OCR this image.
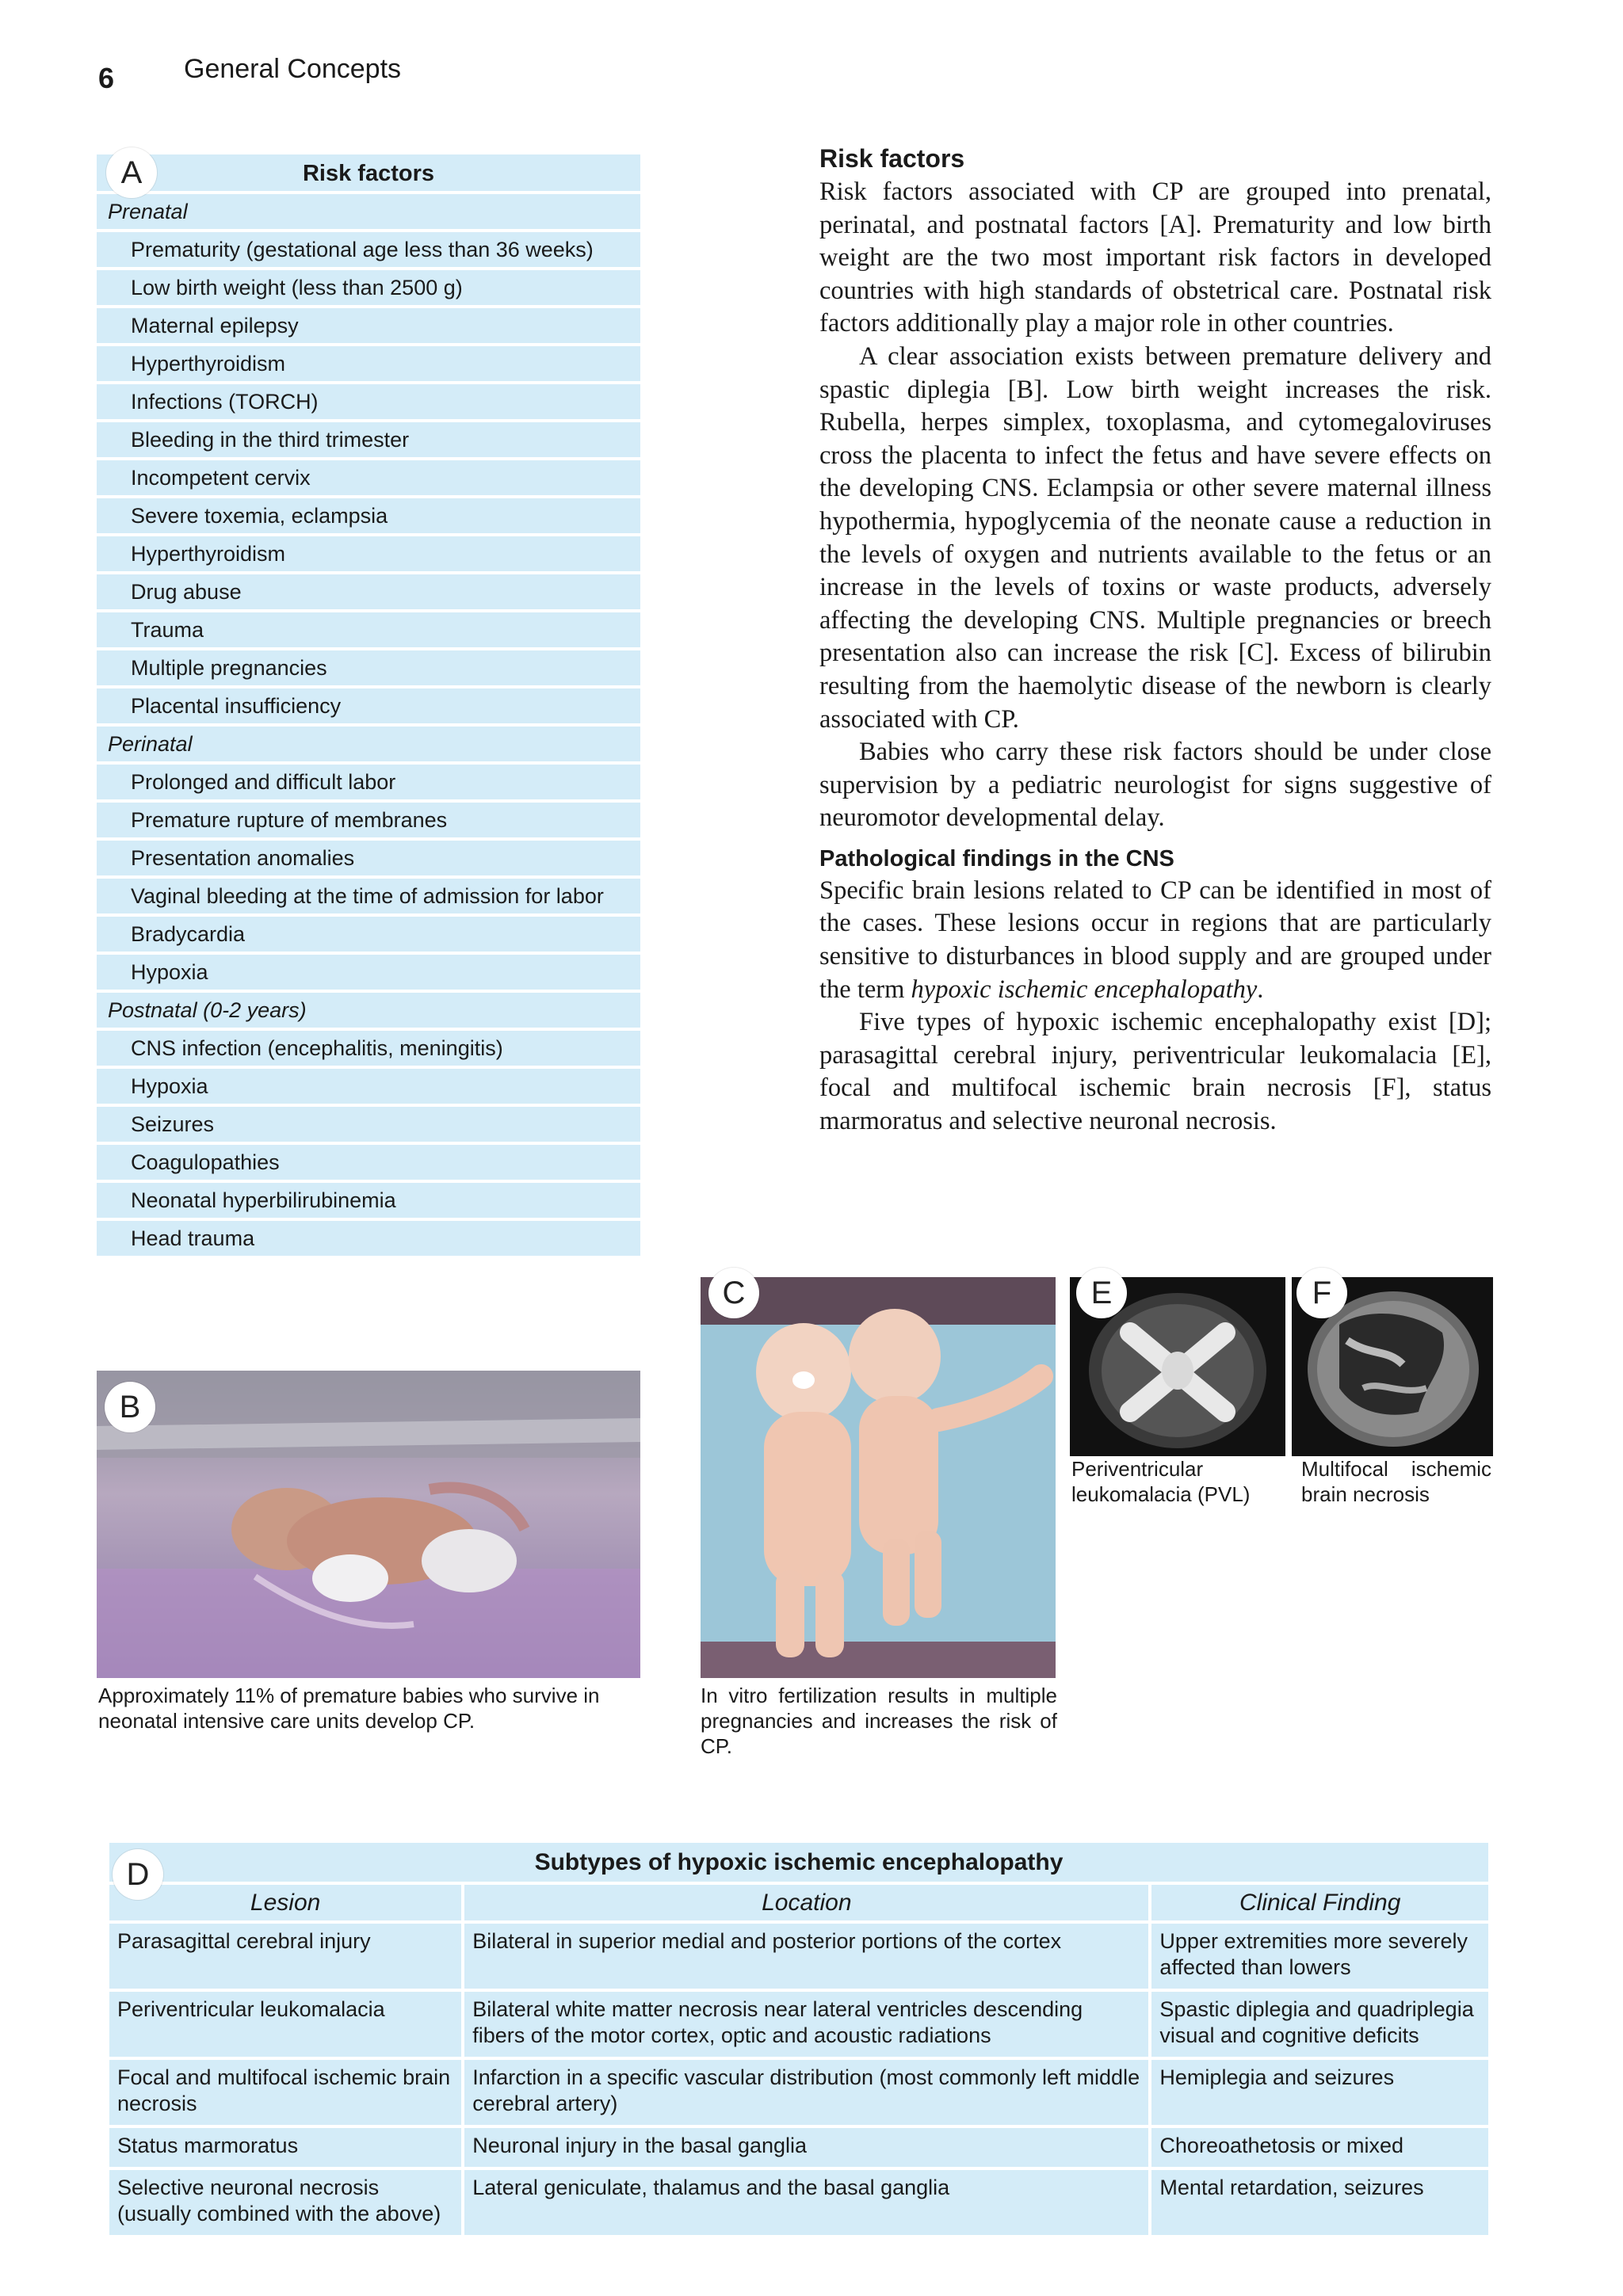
6	General Concepts
Risk factors
Prenatal
Prematurity (gestational age less than 36 weeks)
Low birth weight (less than 2500 g)
Maternal epilepsy
Hyperthyroidism
Infections (TORCH)
Bleeding in the third trimester
Incompetent cervix
Severe toxemia, eclampsia
Hyperthyroidism
Drug abuse
Trauma
Multiple pregnancies
Placental insufficiency
Perinatal
Prolonged and difficult labor
Premature rupture of membranes
Presentation anomalies
Vaginal bleeding at the time of admission for labor
Bradycardia
Hypoxia
Postnatal (0-2 years)
CNS infection (encephalitis, meningitis)
Hypoxia
Seizures
Coagulopathies
Neonatal hyperbilirubinemia
Head trauma
A	Risk factors

Risk factors associated with CP are grouped into prenatal, perinatal, and postnatal factors [A]. Prematurity and low birth weight are the two most important risk factors in developed countries with high standards of obstetrical care. Postnatal risk factors additionally play a major role in other countries.

A clear association exists between premature delivery and spastic diplegia [B]. Low birth weight increases the risk. Rubella, herpes simplex, toxoplasma, and cytomegaloviruses cross the placenta to infect the fetus and have severe effects on the developing CNS. Eclampsia or other severe maternal illness hypothermia, hypoglycemia of the neonate cause a reduction in the levels of oxygen and nutrients available to the fetus or an increase in the levels of toxins or waste products, adversely affecting the developing CNS. Multiple pregnancies or breech presentation also can increase the risk [C]. Excess of bilirubin resulting from the haemolytic disease of the newborn is clearly associated with CP.

Babies who carry these risk factors should be under close supervision by a pediatric neurologist for signs suggestive of neuromotor developmental delay.

Pathological findings in the CNS

Specific brain lesions related to CP can be identified in most of the cases. These lesions occur in regions that are particularly sensitive to disturbances in blood supply and are grouped under the term hypoxic ischemic encephalopathy.

Five types of hypoxic ischemic encephalopathy exist [D]; parasagittal cerebral injury, periventricular leukomalacia [E], focal and multifocal ischemic brain necrosis [F], status marmoratus and selective neuronal necrosis.

B
Approximately 11% of premature babies who survive in neonatal intensive care units develop CP.
C
In vitro fertilization results in multiple pregnancies and increases the risk of CP.
E
Periventricular leukomalacia (PVL)
F
Multifocal ischemic brain necrosis
Subtypes of hypoxic ischemic encephalopathy		
Lesion	Location	Clinical Finding
Parasagittal cerebral injury	Bilateral in superior medial and posterior portions of the cortex	Upper extremities more severely affected than lowers
Periventricular leukomalacia	Bilateral white matter necrosis near lateral ventricles descending fibers of the motor cortex, optic and acoustic radiations	Spastic diplegia and quadriplegia visual and cognitive deficits
Focal and multifocal ischemic brain necrosis	Infarction in a specific vascular distribution (most commonly left middle cerebral artery)	Hemiplegia and seizures
Status marmoratus	Neuronal injury in the basal ganglia	Choreoathetosis or mixed
Selective neuronal necrosis (usually combined with the above)	Lateral geniculate, thalamus and the basal ganglia	Mental retardation, seizures
D
